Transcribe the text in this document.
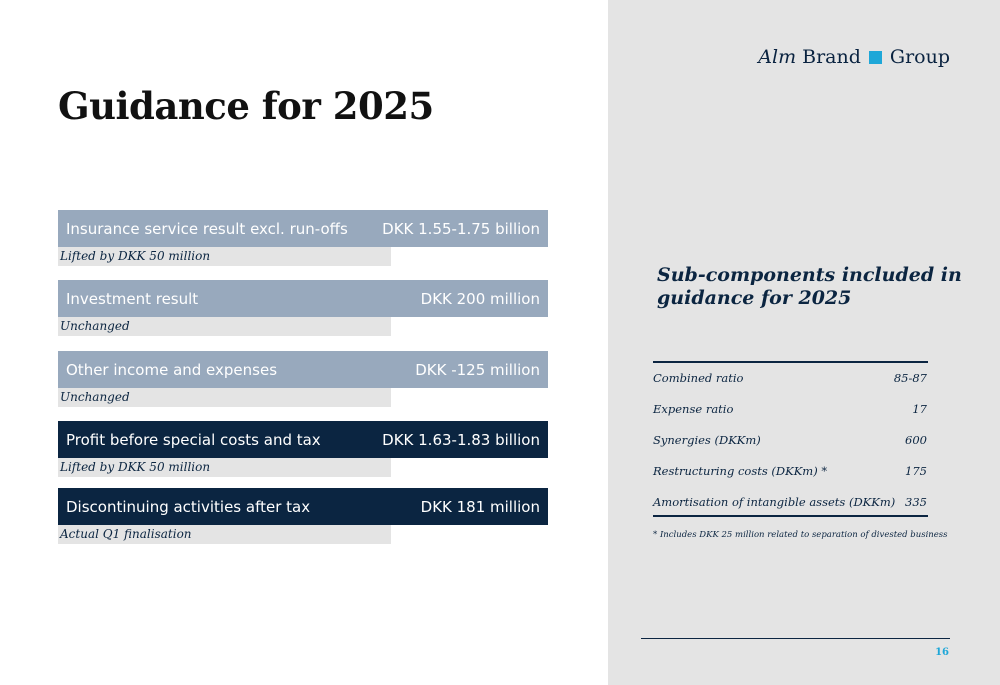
Alm Brand Group
Guidance for 2025
Insurance service result excl. run-offs DKK 1.55-1.75 billion
Lifted by DKK 50 million
Investment result	DKK 200 million
Unchanged
Other income and expenses	DKK -125 million
Unchanged
Profit before special costs and tax	DKK 1.63-1.83 billion
Lifted by DKK 50 million
Discontinuing activities after tax	DKK 181 million
Actual Q1 finalisation
Sub-components included in
guidance for 2025
Combined ratio	85-87
Expense ratio	17
Synergies (DKKm)	600
Restructuring costs (DKKm) *	175
Amortisation of intangible assets (DKKm) 335
* Includes DKK 25 million related to separation of divested business
16
